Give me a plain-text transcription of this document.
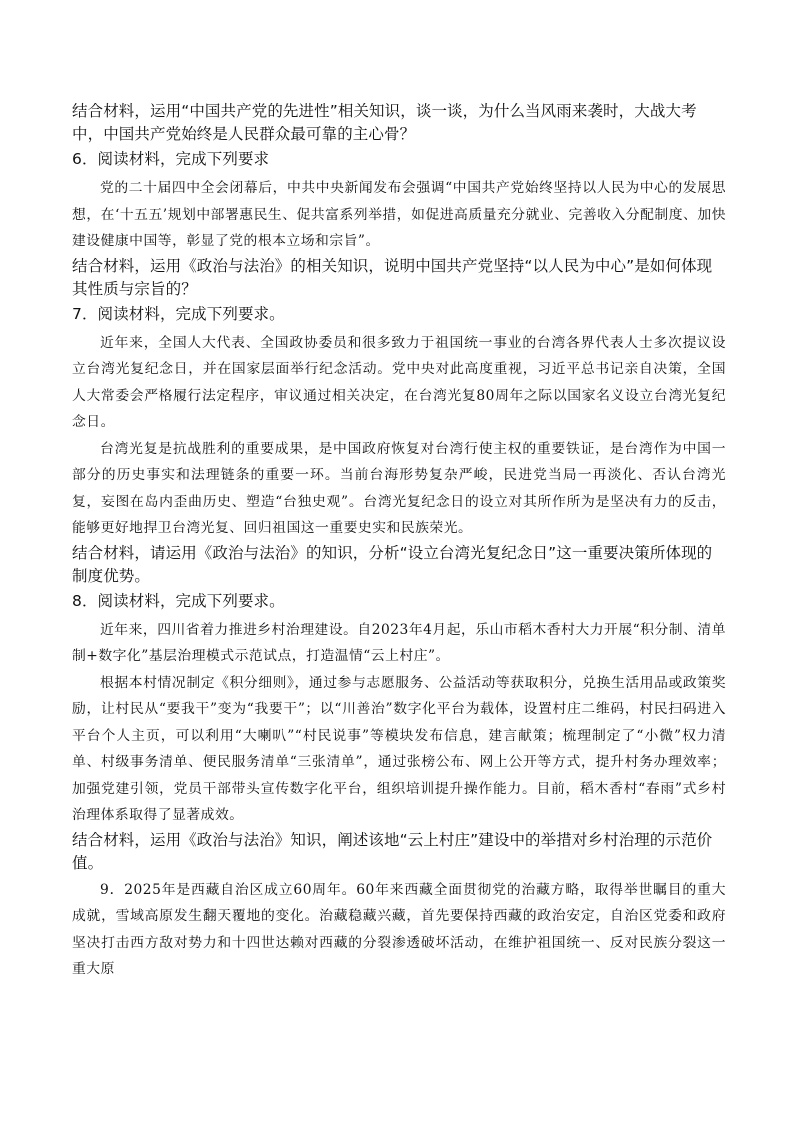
结合材料，运用“中国共产党的先进性”相关知识，谈一谈，为什么当风雨来袭时，大战大考中，中国共产党始终是人民群众最可靠的主心骨？

6．阅读材料，完成下列要求

党的二十届四中全会闭幕后，中共中央新闻发布会强调“中国共产党始终坚持以人民为中心的发展思想，在‘十五五’规划中部署惠民生、促共富系列举措，如促进高质量充分就业、完善收入分配制度、加快建设健康中国等，彰显了党的根本立场和宗旨”。

结合材料，运用《政治与法治》的相关知识，说明中国共产党坚持“以人民为中心”是如何体现其性质与宗旨的？

7．阅读材料，完成下列要求。

近年来，全国人大代表、全国政协委员和很多致力于祖国统一事业的台湾各界代表人士多次提议设立台湾光复纪念日，并在国家层面举行纪念活动。党中央对此高度重视，习近平总书记亲自决策，全国人大常委会严格履行法定程序，审议通过相关决定，在台湾光复80周年之际以国家名义设立台湾光复纪念日。

台湾光复是抗战胜利的重要成果，是中国政府恢复对台湾行使主权的重要铁证，是台湾作为中国一部分的历史事实和法理链条的重要一环。当前台海形势复杂严峻，民进党当局一再淡化、否认台湾光复，妄图在岛内歪曲历史、塑造“台独史观”。台湾光复纪念日的设立对其所作所为是坚决有力的反击，能够更好地捍卫台湾光复、回归祖国这一重要史实和民族荣光。

结合材料，请运用《政治与法治》的知识，分析“设立台湾光复纪念日”这一重要决策所体现的制度优势。

8．阅读材料，完成下列要求。

近年来，四川省着力推进乡村治理建设。自2023年4月起，乐山市稻木香村大力开展“积分制、清单制+数字化”基层治理模式示范试点，打造温情“云上村庄”。

根据本村情况制定《积分细则》，通过参与志愿服务、公益活动等获取积分，兑换生活用品或政策奖励，让村民从“要我干”变为“我要干”；以“川善治”数字化平台为载体，设置村庄二维码，村民扫码进入平台个人主页，可以利用“大喇叭”“村民说事”等模块发布信息，建言献策；梳理制定了“小微”权力清单、村级事务清单、便民服务清单“三张清单”，通过张榜公布、网上公开等方式，提升村务办理效率；加强党建引领，党员干部带头宣传数字化平台，组织培训提升操作能力。目前，稻木香村“春雨”式乡村治理体系取得了显著成效。

结合材料，运用《政治与法治》知识，阐述该地“云上村庄”建设中的举措对乡村治理的示范价值。

9．2025年是西藏自治区成立60周年。60年来西藏全面贯彻党的治藏方略，取得举世瞩目的重大成就，雪域高原发生翻天覆地的变化。治藏稳藏兴藏，首先要保持西藏的政治安定，自治区党委和政府坚决打击西方敌对势力和十四世达赖对西藏的分裂渗透破坏活动，在维护祖国统一、反对民族分裂这一重大原
